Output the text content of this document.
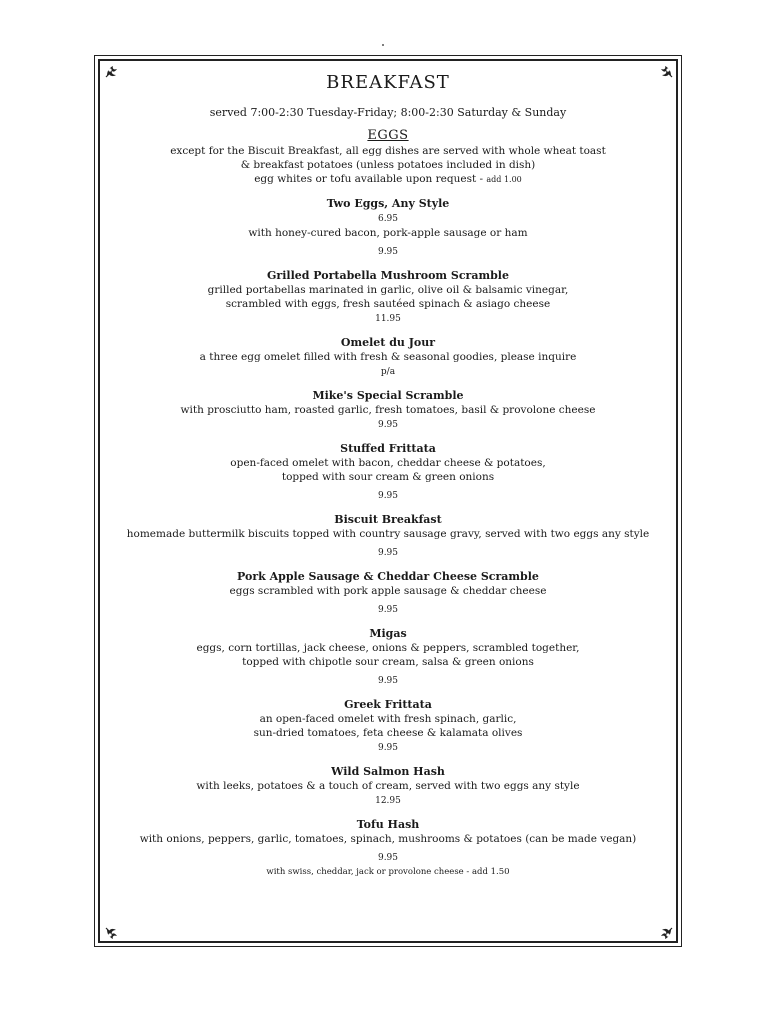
BREAKFAST
served 7:00-2:30 Tuesday-Friday; 8:00-2:30 Saturday & Sunday
EGGS
except for the Biscuit Breakfast, all egg dishes are served with whole wheat toast
& breakfast potatoes (unless potatoes included in dish)
egg whites or tofu available upon request - add 1.00
Two Eggs, Any Style
6.95
with honey-cured bacon, pork-apple sausage or ham
9.95
Grilled Portabella Mushroom Scramble
grilled portabellas marinated in garlic, olive oil & balsamic vinegar,
scrambled with eggs, fresh sautéed spinach & asiago cheese
11.95
Omelet du Jour
a three egg omelet filled with fresh & seasonal goodies, please inquire
p/a
Mike's Special Scramble
with prosciutto ham, roasted garlic, fresh tomatoes, basil & provolone cheese
9.95
Stuffed Frittata
open-faced omelet with bacon, cheddar cheese & potatoes,
topped with sour cream & green onions
9.95
Biscuit Breakfast
homemade buttermilk biscuits topped with country sausage gravy, served with two eggs any style
9.95
Pork Apple Sausage & Cheddar Cheese Scramble
eggs scrambled with pork apple sausage & cheddar cheese
9.95
Migas
eggs, corn tortillas, jack cheese, onions & peppers, scrambled together,
topped with chipotle sour cream, salsa & green onions
9.95
Greek Frittata
an open-faced omelet with fresh spinach, garlic,
sun-dried tomatoes, feta cheese & kalamata olives
9.95
Wild Salmon Hash
with leeks, potatoes & a touch of cream, served with two eggs any style
12.95
Tofu Hash
with onions, peppers, garlic, tomatoes, spinach, mushrooms & potatoes (can be made vegan)
9.95
with swiss, cheddar, jack or provolone cheese - add 1.50
